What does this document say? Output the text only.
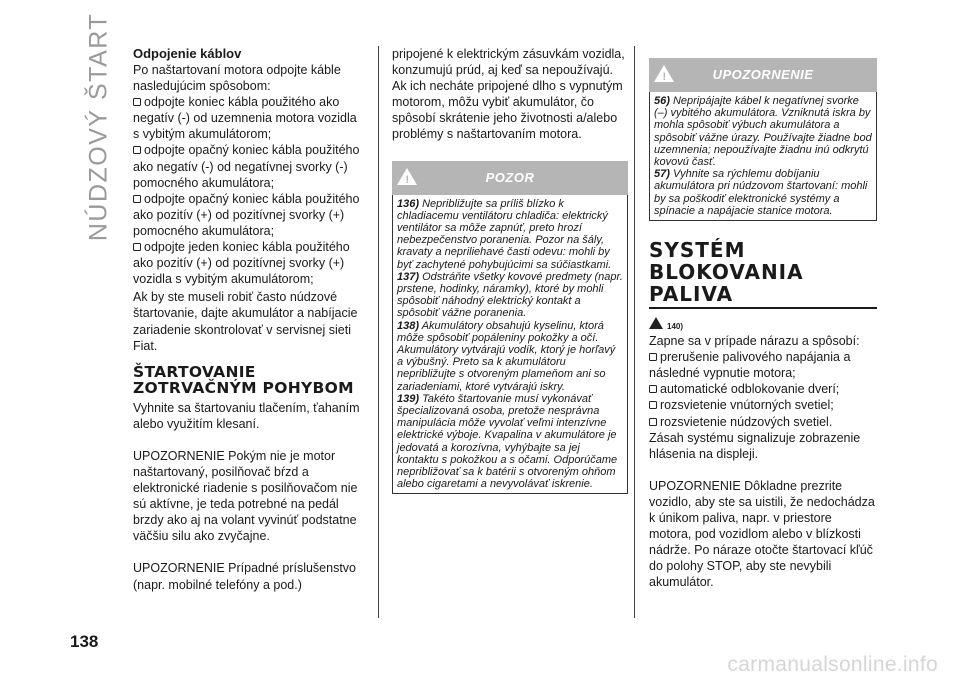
NÚDZOVÝ ŠTART Odpojenie káblov

Po naštartovaní motora odpojte káble nasledujúcim spôsobom:

odpojte koniec kábla použitého ako negatív (-) od uzemnenia motora vozidla s vybitým akumulátorom;

odpojte opačný koniec kábla použitého ako negatív (-) od negatívnej svorky (-) pomocného akumulátora;

odpojte opačný koniec kábla použitého ako pozitív (+) od pozitívnej svorky (+) pomocného akumulátora;

odpojte jeden koniec kábla použitého ako pozitív (+) od pozitívnej svorky (+) vozidla s vybitým akumulátorom;

Ak by ste museli robiť často núdzové štartovanie, dajte akumulátor a nabíjacie zariadenie skontrolovať v servisnej sieti Fiat.

ŠTARTOVANIE
ZOTRVAČNÝM POHYBOM

Vyhnite sa štartovaniu tlačením, ťahaním alebo využitím klesaní.

UPOZORNENIE Pokým nie je motor naštartovaný, posilňovač bŕzd a elektronické riadenie s posilňovačom nie sú aktívne, je teda potrebné na pedál brzdy ako aj na volant vyvinúť podstatne väčšiu silu ako zvyčajne.

UPOZORNENIE Prípadné príslušenstvo (napr. mobilné telefóny a pod.)

pripojené k elektrickým zásuvkám vozidla, konzumujú prúd, aj keď sa nepoužívajú. Ak ich necháte pripojené dlho s vypnutým motorom, môžu vybiť akumulátor, čo spôsobí skrátenie jeho životnosti a/alebo problémy s naštartovaním motora.

!	POZOR

136) Nepribližujte sa príliš blízko k chladiacemu ventilátoru chladiča: elektrický ventilátor sa môže zapnúť, preto hrozí nebezpečenstvo poranenia. Pozor na šály, kravaty a nepriliehavé časti odevu: mohli by byť zachytené pohybujúcimi sa súčiastkami.

137) Odstráňte všetky kovové predmety (napr. prstene, hodinky, náramky), ktoré by mohli spôsobiť náhodný elektrický kontakt a spôsobiť vážne poranenia.

138) Akumulátory obsahujú kyselinu, ktorá môže spôsobiť popáleniny pokožky a očí. Akumulátory vytvárajú vodík, ktorý je horľavý a výbušný. Preto sa k akumulátoru nepribližujte s otvoreným plameňom ani so zariadeniami, ktoré vytvárajú iskry.

139) Takéto štartovanie musí vykonávať špecializovaná osoba, pretože nesprávna manipulácia môže vyvolať veľmi intenzívne elektrické výboje. Kvapalina v akumulátore je jedovatá a korozívna, vyhýbajte sa jej kontaktu s pokožkou a s očami. Odporúčame nepribližovať sa k batérii s otvoreným ohňom alebo cigaretami a nevyvolávať iskrenie.

!	UPOZORNENIE

56) Nepripájajte kábel k negatívnej svorke (–) vybitého akumulátora. Vzniknutá iskra by mohla spôsobiť výbuch akumulátora a spôsobiť vážne úrazy. Používajte žiadne bod uzemnenia; nepoužívajte žiadnu inú odkrytú kovovú časť.

57) Vyhnite sa rýchlemu dobíjaniu akumulátora pri núdzovom štartovaní: mohli by sa poškodiť elektronické systémy a spínacie a napájacie stanice motora.

SYSTÉM
BLOKOVANIA
PALIVA
140)

Zapne sa v prípade nárazu a spôsobí:

prerušenie palivového napájania a následné vypnutie motora;

automatické odblokovanie dverí;

rozsvietenie vnútorných svetiel;

rozsvietenie núdzových svetiel.

Zásah systému signalizuje zobrazenie hlásenia na displeji.

UPOZORNENIE Dôkladne prezrite vozidlo, aby ste sa uistili, že nedochádza k únikom paliva, napr. v priestore motora, pod vozidlom alebo v blízkosti nádrže. Po náraze otočte štartovací kľúč do polohy STOP, aby ste nevybili akumulátor.

138
carmanualsonline.info
